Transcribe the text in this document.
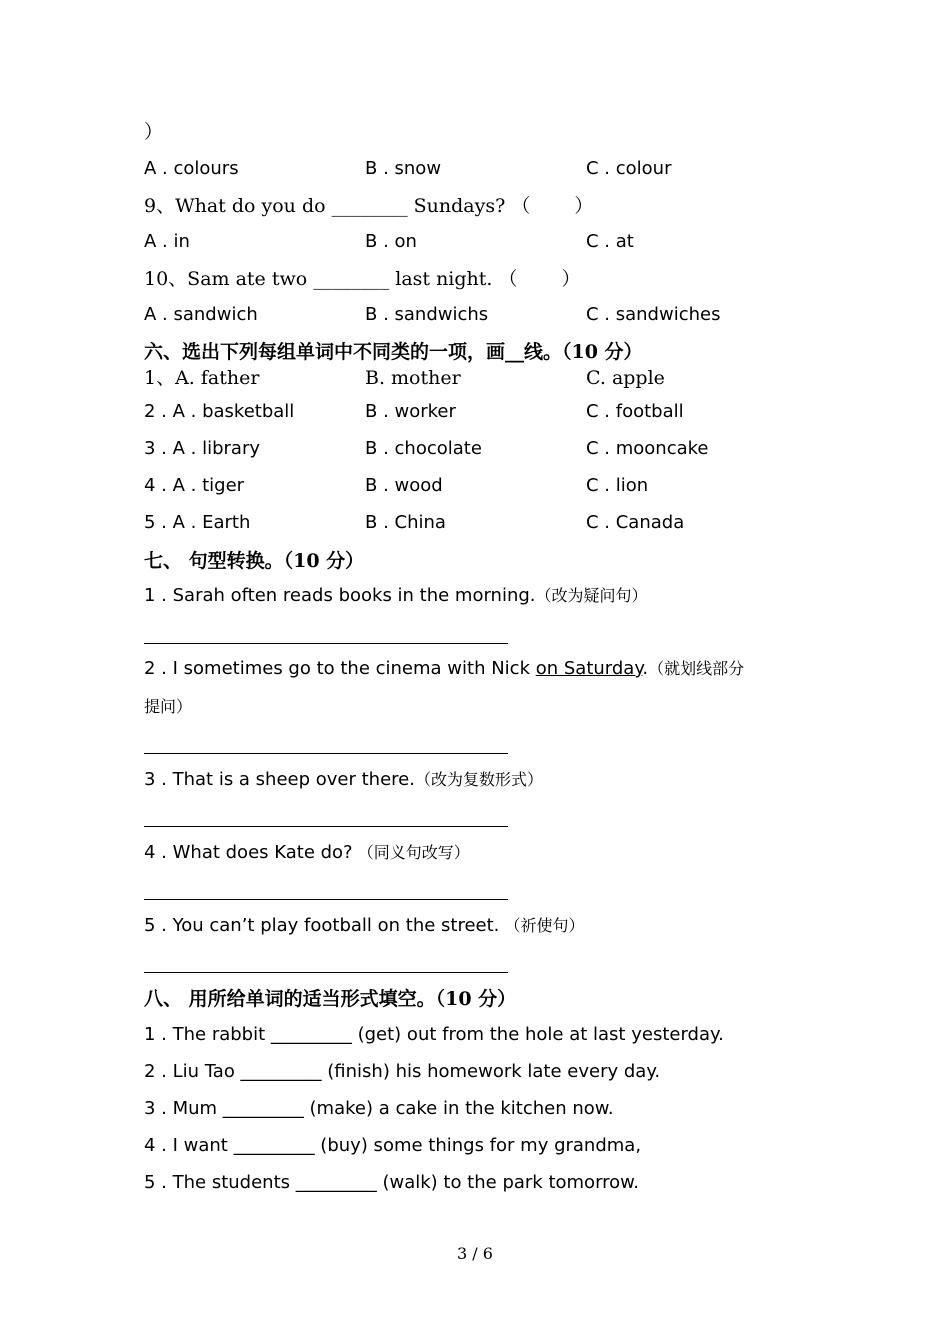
）
A . colours	B . snow	C . colour
9、What do you do ________ Sundays? （ ）
A . in	B . on	C . at
10、Sam ate two ________ last night. （ ）
A . sandwich	B . sandwichs	C . sandwiches
六、选出下列每组单词中不同类的一项，画__线。（10 分）
1、A. father	B. mother	C. apple
2 . A . basketball	B . worker	C . football
3 . A . library	B . chocolate	C . mooncake
4 . A . tiger	B . wood	C . lion
5 . A . Earth	B . China	C . Canada
七、 句型转换。（10 分）
1 . Sarah often reads books in the morning.（改为疑问句）
2 . I sometimes go to the cinema with Nick on Saturday.（就划线部分
提问）
3 . That is a sheep over there.（改为复数形式）
4 . What does Kate do? （同义句改写）
5 . You can’t play football on the street. （祈使句）
八、 用所给单词的适当形式填空。（10 分）
1 . The rabbit _________ (get) out from the hole at last yesterday.
2 . Liu Tao _________ (finish) his homework late every day.
3 . Mum _________ (make) a cake in the kitchen now.
4 . I want _________ (buy) some things for my grandma,
5 . The students _________ (walk) to the park tomorrow.
3 / 6
